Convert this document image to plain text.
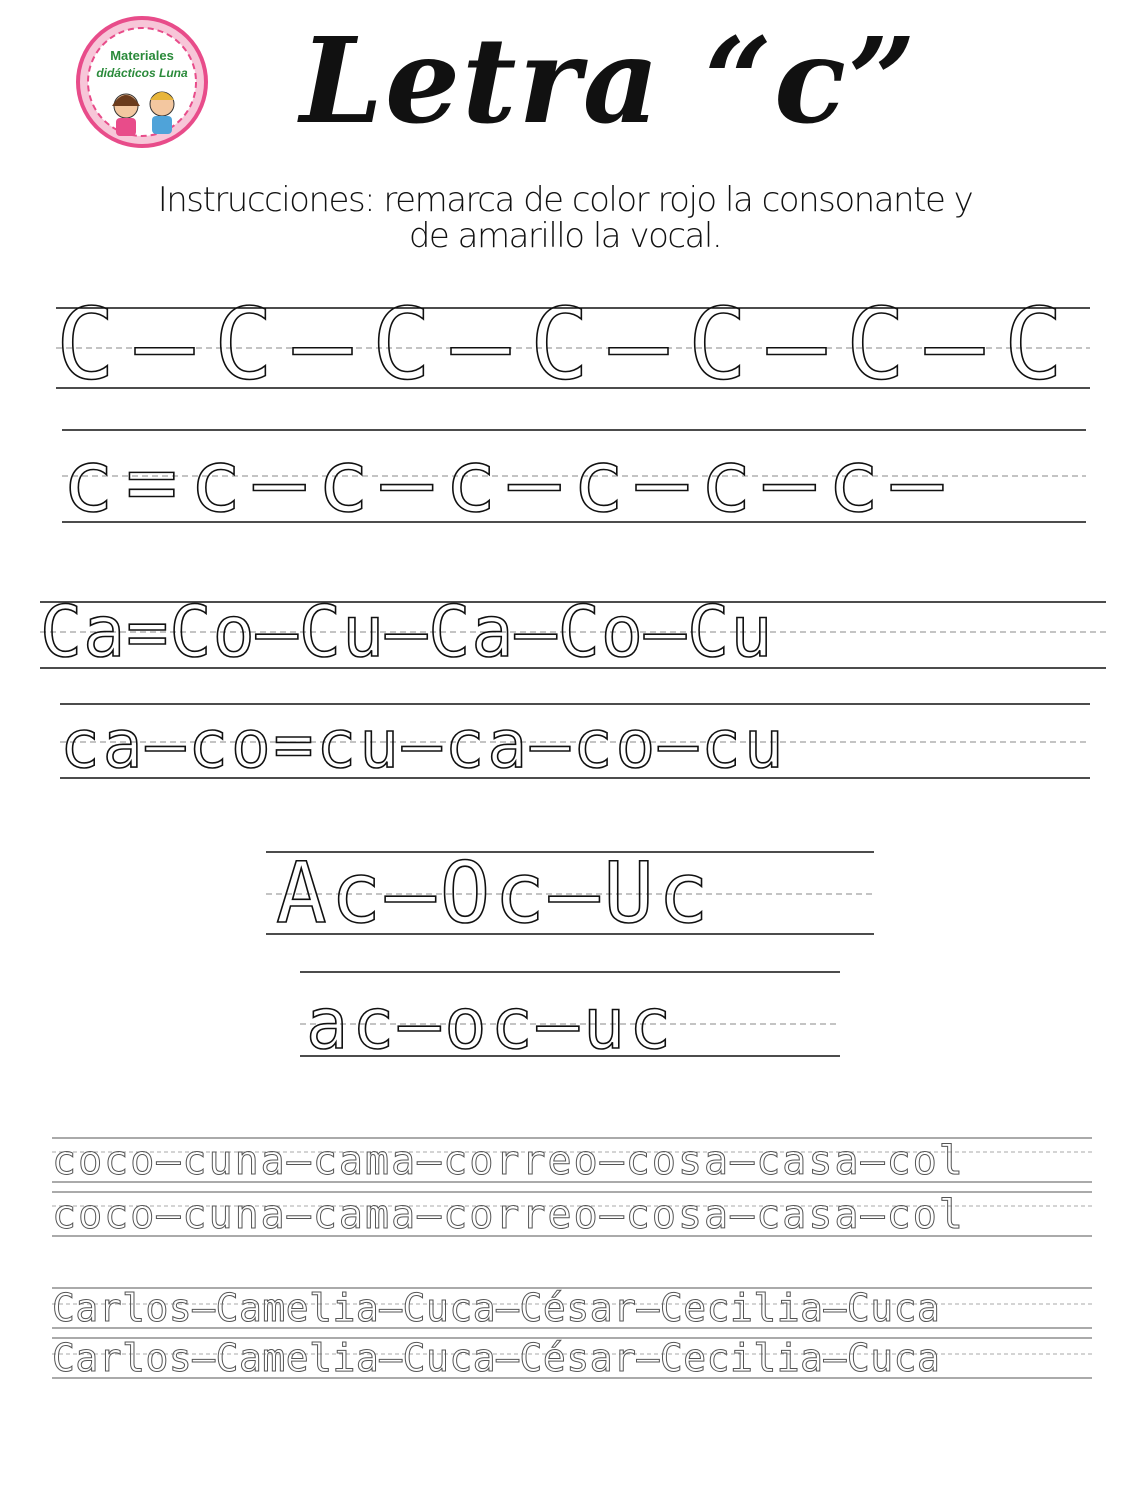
Materiales
didácticos Luna Letra “c”
Instrucciones: remarca de color rojo la consonante y
de amarillo la vocal.
C–C–C–C–C–C–C
c=c–c–c–c–c–c–
Ca=Co–Cu–Ca–Co–Cu
ca–co=cu–ca–co–cu
Ac–Oc–Uc
ac–oc–uc
coco–cuna–cama–correo–cosa–casa–col
coco–cuna–cama–correo–cosa–casa–col
Carlos–Camelia–Cuca–César–Cecilia–Cuca
Carlos–Camelia–Cuca–César–Cecilia–Cuca
